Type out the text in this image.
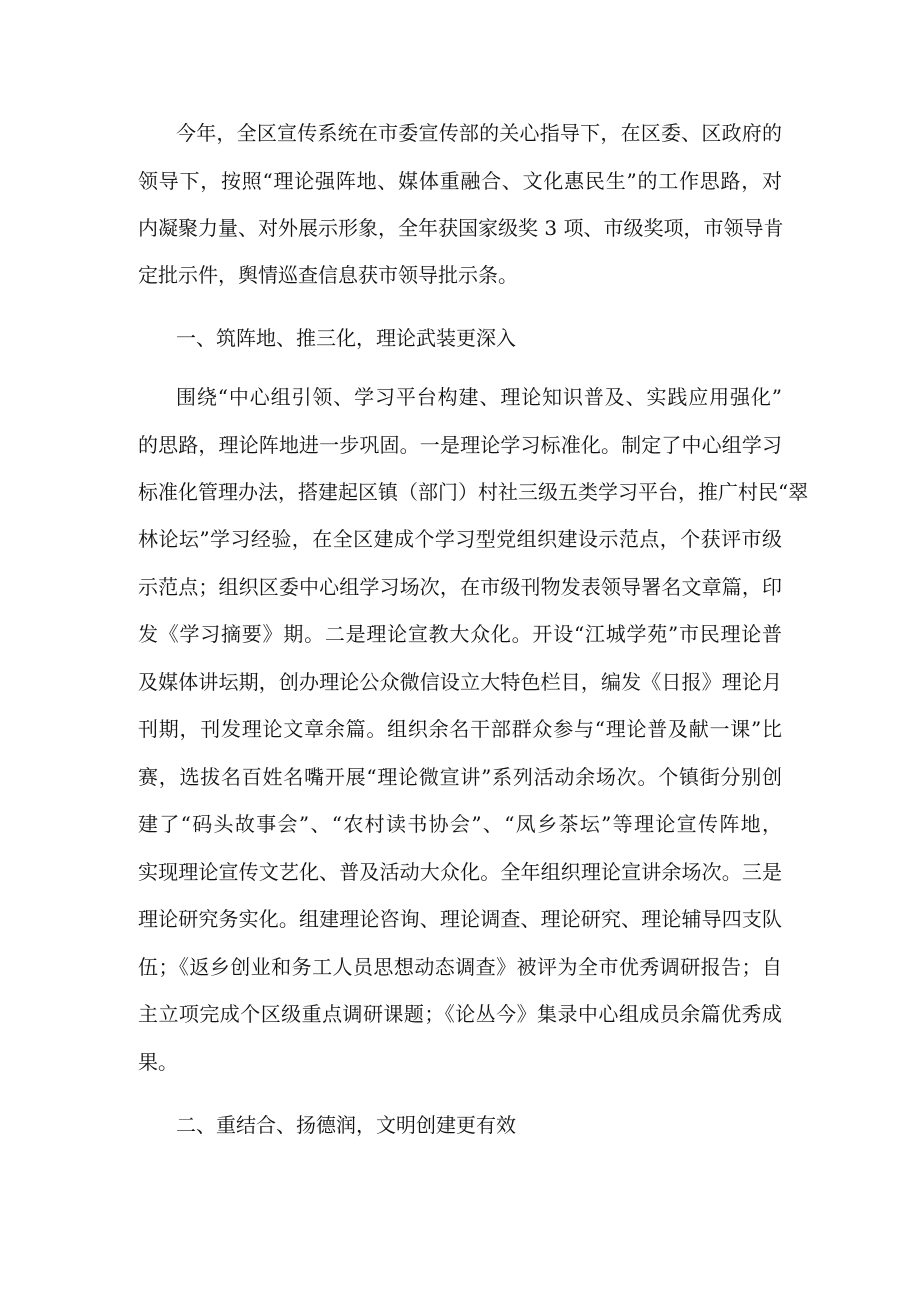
今年，全区宣传系统在市委宣传部的关心指导下，在区委、区政府的

领导下，按照“理论强阵地、媒体重融合、文化惠民生”的工作思路，对

内凝聚力量、对外展示形象，全年获国家级奖 3 项、市级奖项，市领导肯

定批示件，舆情巡查信息获市领导批示条。

一、筑阵地、推三化，理论武装更深入

围绕“中心组引领、学习平台构建、理论知识普及、实践应用强化”

的思路，理论阵地进一步巩固。一是理论学习标准化。制定了中心组学习

标准化管理办法，搭建起区镇（部门）村社三级五类学习平台，推广村民“翠

林论坛”学习经验，在全区建成个学习型党组织建设示范点，个获评市级

示范点；组织区委中心组学习场次，在市级刊物发表领导署名文章篇，印

发《学习摘要》期。二是理论宣教大众化。开设“江城学苑”市民理论普

及媒体讲坛期，创办理论公众微信设立大特色栏目，编发《日报》理论月

刊期，刊发理论文章余篇。组织余名干部群众参与“理论普及献一课”比

赛，选拔名百姓名嘴开展“理论微宣讲”系列活动余场次。个镇街分别创

建了“码头故事会”、“农村读书协会”、“凤乡茶坛”等理论宣传阵地，

实现理论宣传文艺化、普及活动大众化。全年组织理论宣讲余场次。三是

理论研究务实化。组建理论咨询、理论调查、理论研究、理论辅导四支队

伍；《返乡创业和务工人员思想动态调查》被评为全市优秀调研报告；自

主立项完成个区级重点调研课题；《论丛今》集录中心组成员余篇优秀成

果。

二、重结合、扬德润，文明创建更有效
